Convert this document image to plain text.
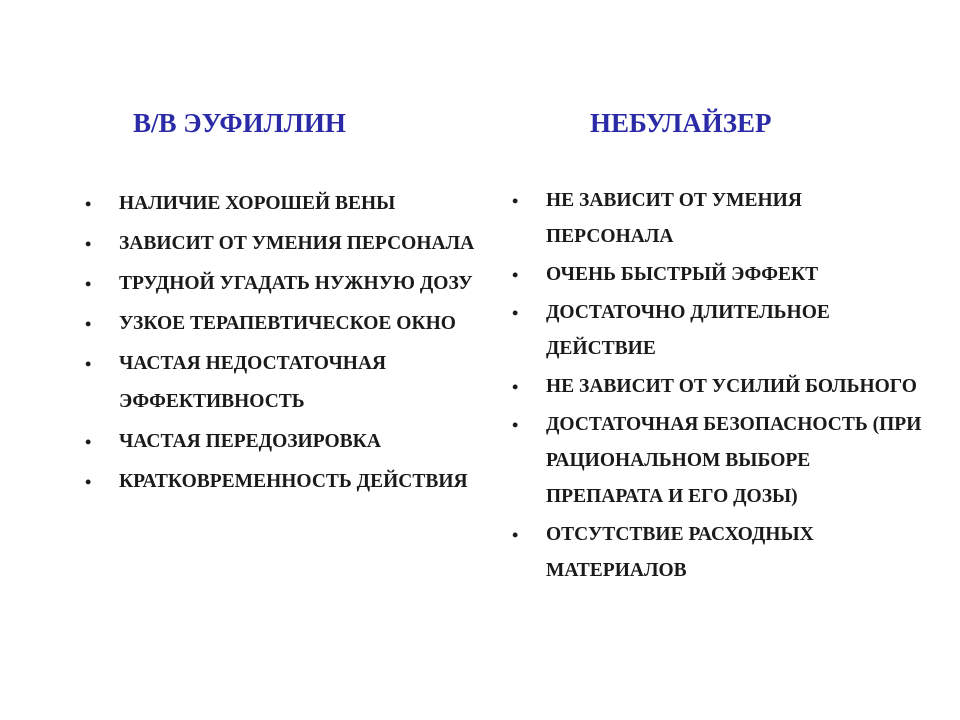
В/В ЭУФИЛЛИН
• НАЛИЧИЕ ХОРОШЕЙ ВЕНЫ
• ЗАВИСИТ ОТ УМЕНИЯ ПЕРСОНАЛА
• ТРУДНОЙ УГАДАТЬ НУЖНУЮ ДОЗУ
• УЗКОЕ ТЕРАПЕВТИЧЕСКОЕ ОКНО
• ЧАСТАЯ НЕДОСТАТОЧНАЯ ЭФФЕКТИВНОСТЬ
• ЧАСТАЯ ПЕРЕДОЗИРОВКА
• КРАТКОВРЕМЕННОСТЬ ДЕЙСТВИЯ
НЕБУЛАЙЗЕР
• НЕ ЗАВИСИТ ОТ УМЕНИЯ ПЕРСОНАЛА
• ОЧЕНЬ БЫСТРЫЙ ЭФФЕКТ
• ДОСТАТОЧНО ДЛИТЕЛЬНОЕ ДЕЙСТВИЕ
• НЕ ЗАВИСИТ ОТ УСИЛИЙ БОЛЬНОГО
• ДОСТАТОЧНАЯ БЕЗОПАСНОСТЬ (ПРИ РАЦИОНАЛЬНОМ ВЫБОРЕ ПРЕПАРАТА И ЕГО ДОЗЫ)
• ОТСУТСТВИЕ РАСХОДНЫХ МАТЕРИАЛОВ
